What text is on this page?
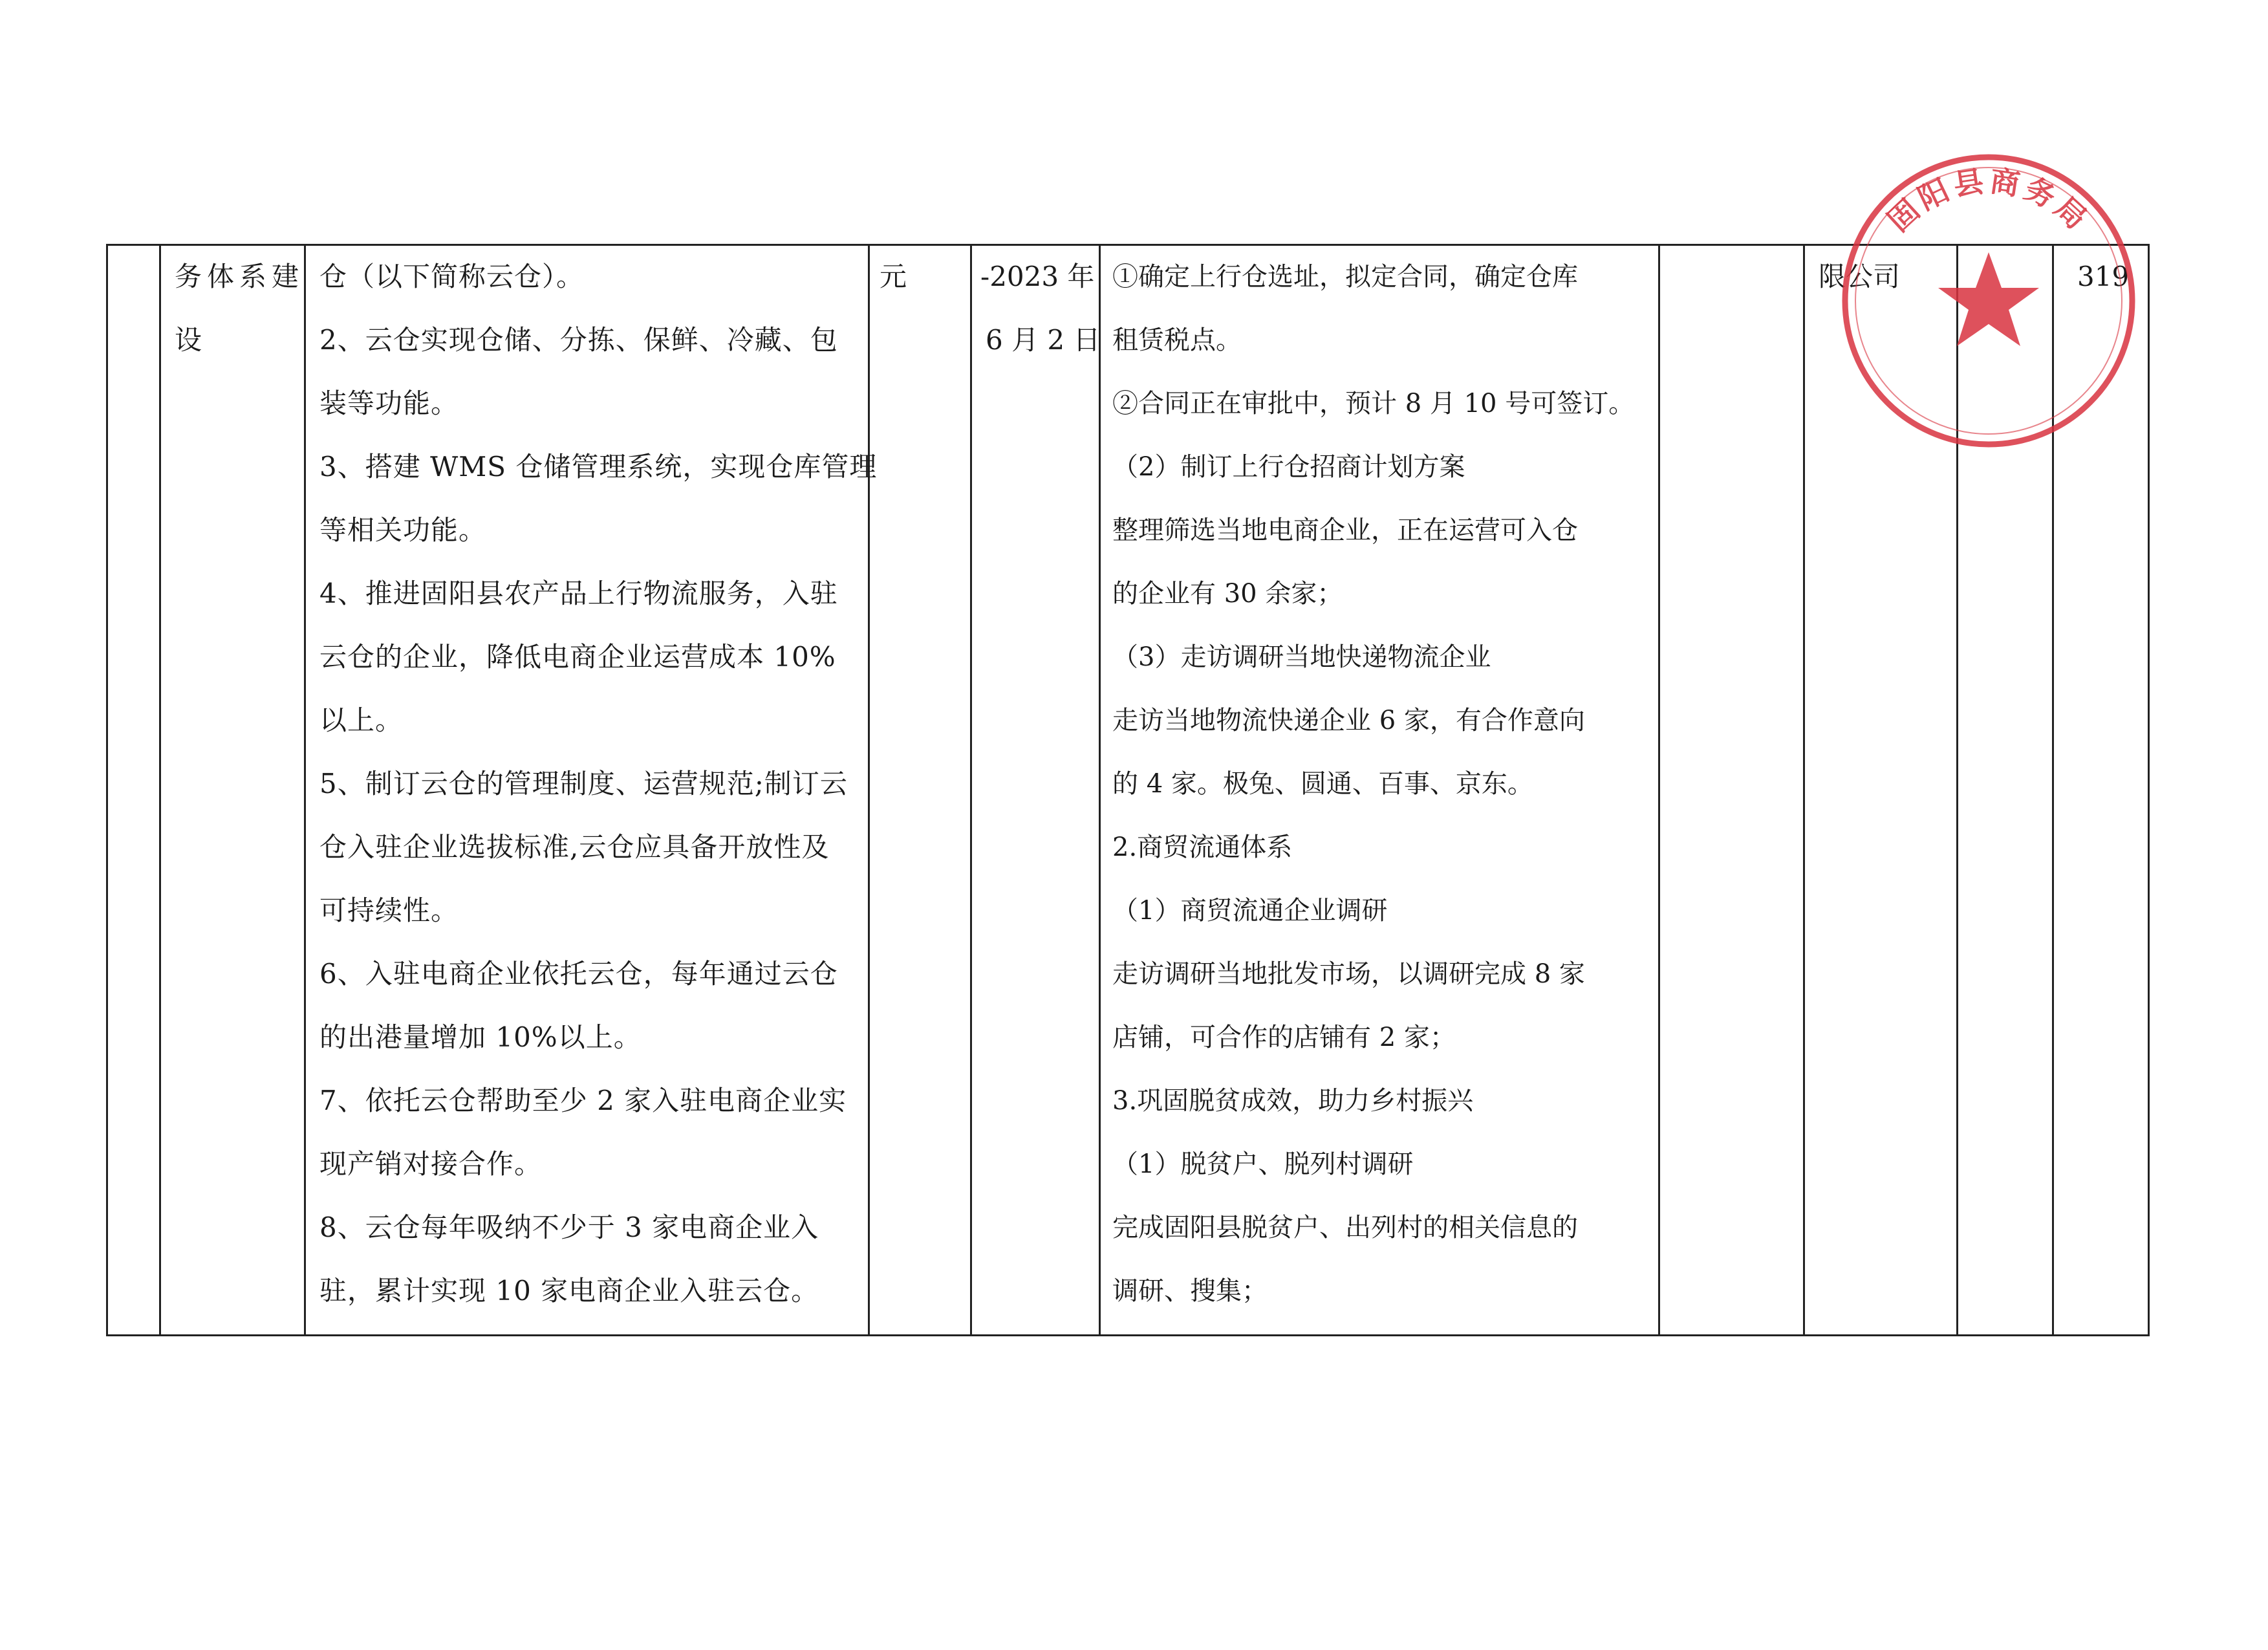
务体系建
设
仓（以下简称云仓）。
2、云仓实现仓储、分拣、保鲜、冷藏、包
装等功能。
3、搭建 WMS 仓储管理系统，实现仓库管理
等相关功能。
4、推进固阳县农产品上行物流服务，入驻
云仓的企业，降低电商企业运营成本 10%
以上。
5、制订云仓的管理制度、运营规范;制订云
仓入驻企业选拔标准,云仓应具备开放性及
可持续性。
6、入驻电商企业依托云仓，每年通过云仓
的出港量增加 10%以上。
7、依托云仓帮助至少 2 家入驻电商企业实
现产销对接合作。
8、云仓每年吸纳不少于 3 家电商企业入
驻，累计实现 10 家电商企业入驻云仓。
元	-2023 年
6 月 2 日
①确定上行仓选址，拟定合同，确定仓库
租赁税点。
②合同正在审批中，预计 8 月 10 号可签订。
（2）制订上行仓招商计划方案
整理筛选当地电商企业，正在运营可入仓
的企业有 30 余家；
（3）走访调研当地快递物流企业
走访当地物流快递企业 6 家，有合作意向
的 4 家。极兔、圆通、百事、京东。
2.商贸流通体系
（1）商贸流通企业调研
走访调研当地批发市场，以调研完成 8 家
店铺，可合作的店铺有 2 家；
3.巩固脱贫成效，助力乡村振兴
（1）脱贫户、脱列村调研
完成固阳县脱贫户、出列村的相关信息的
调研、搜集；
限公司	319
固阳县商务局
